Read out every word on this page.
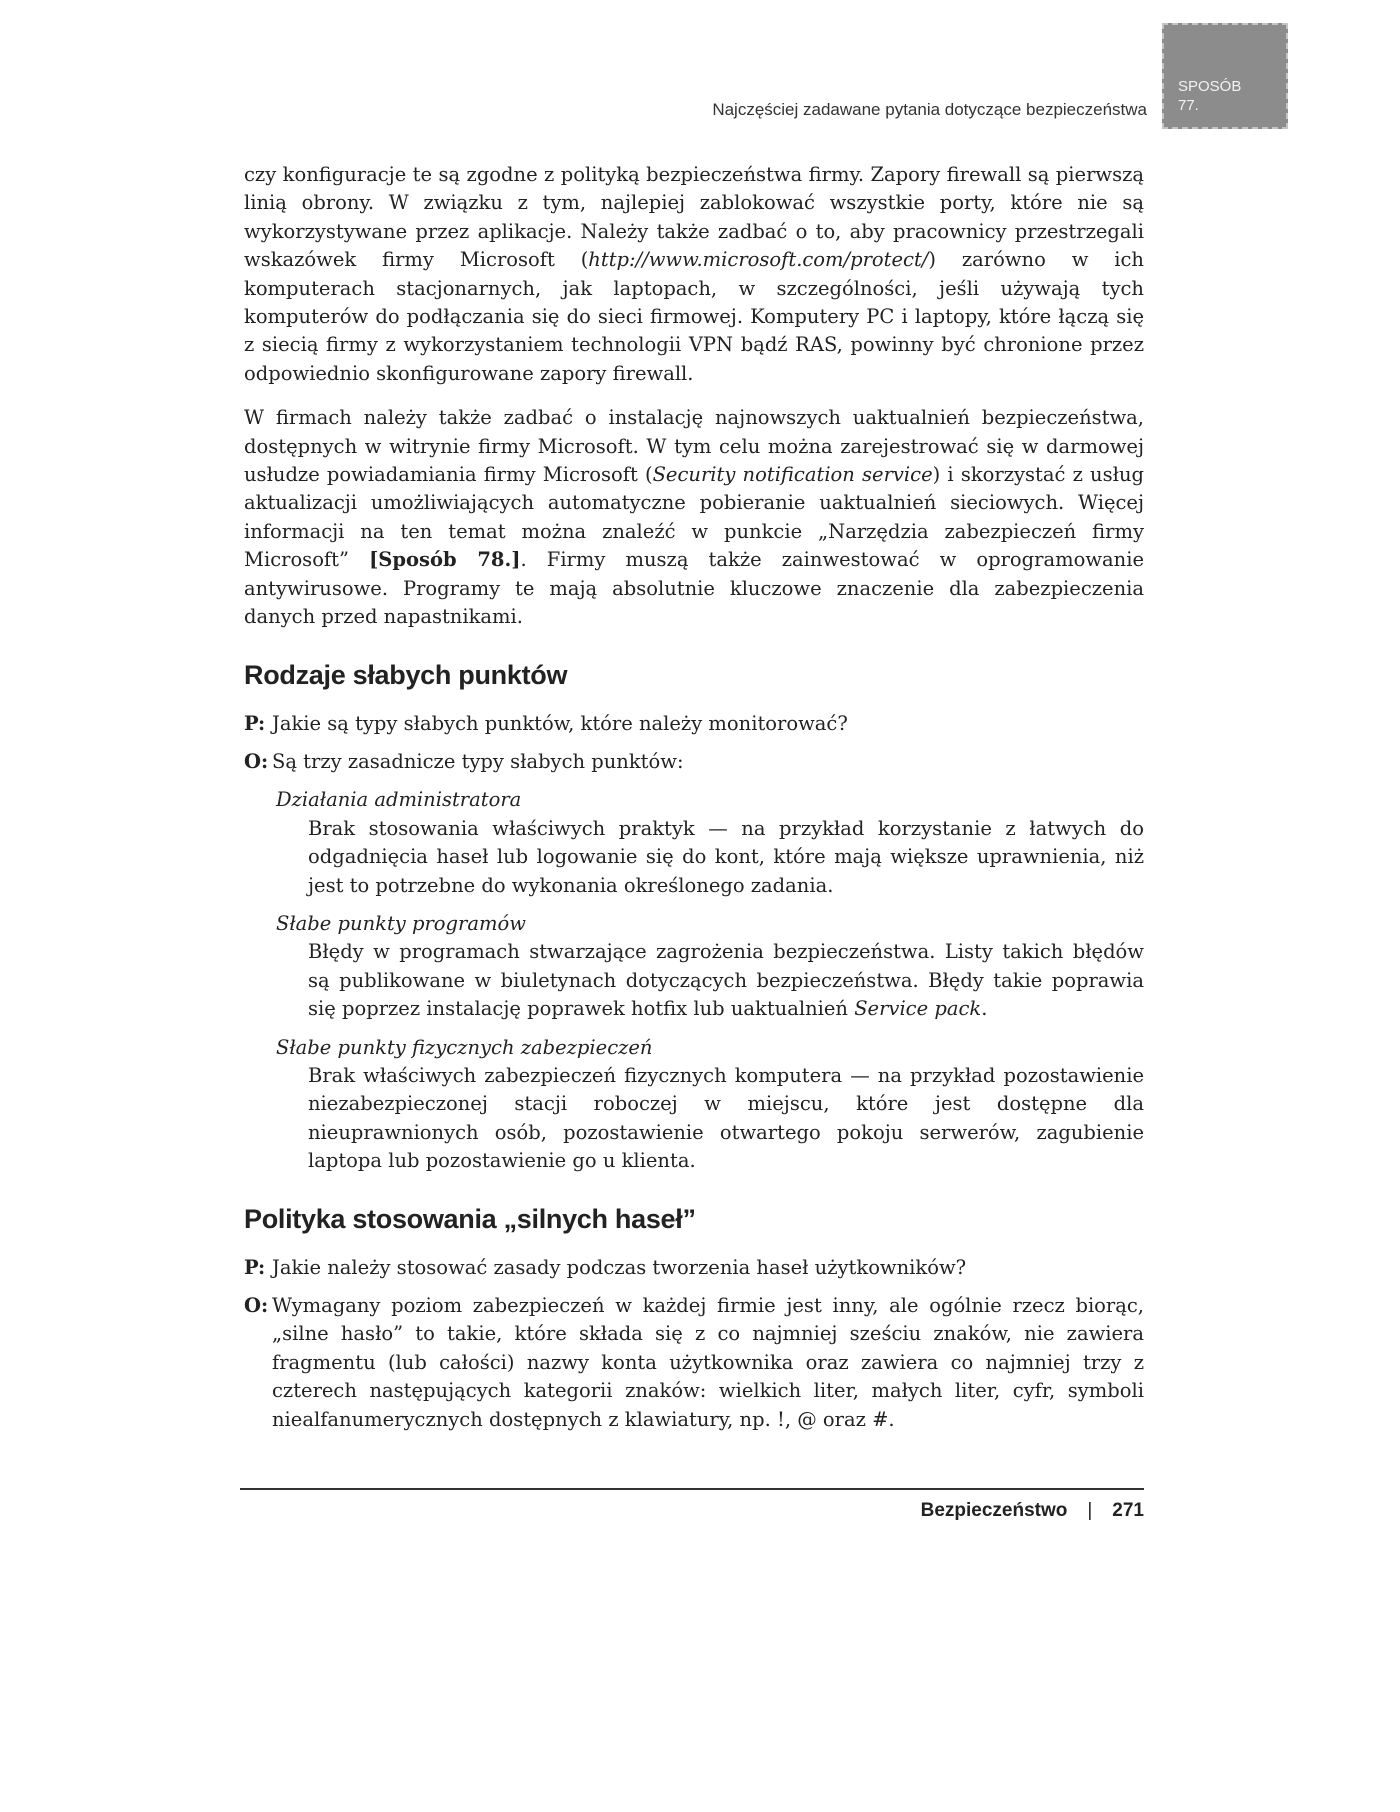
Najczęściej zadawane pytania dotyczące bezpieczeństwa
SPOSÓB
77.

czy konfiguracje te są zgodne z polityką bezpieczeństwa firmy. Zapory firewall są pierwszą linią obrony. W związku z tym, najlepiej zablokować wszystkie porty, które nie są wykorzystywane przez aplikacje. Należy także zadbać o to, aby pracownicy przestrzegali wskazówek firmy Microsoft (http://www.microsoft.com/protect/) zarówno w ich komputerach stacjonarnych, jak laptopach, w szczególności, jeśli używają tych komputerów do podłączania się do sieci firmowej. Komputery PC i laptopy, które łączą się z siecią firmy z wykorzystaniem technologii VPN bądź RAS, powinny być chronione przez odpowiednio skonfigurowane zapory firewall.

W firmach należy także zadbać o instalację najnowszych uaktualnień bezpieczeństwa, dostępnych w witrynie firmy Microsoft. W tym celu można zarejestrować się w darmowej usłudze powiadamiania firmy Microsoft (Security notification service) i skorzystać z usług aktualizacji umożliwiających automatyczne pobieranie uaktualnień sieciowych. Więcej informacji na ten temat można znaleźć w punkcie „Narzędzia zabezpieczeń firmy Microsoft” [Sposób 78.]. Firmy muszą także zainwestować w oprogramowanie antywirusowe. Programy te mają absolutnie kluczowe znaczenie dla zabezpieczenia danych przed napastnikami.

Rodzaje słabych punktów
P: Jakie są typy słabych punktów, które należy monitorować?
O: Są trzy zasadnicze typy słabych punktów:
Działania administratora
Brak stosowania właściwych praktyk — na przykład korzystanie z łatwych do odgadnięcia haseł lub logowanie się do kont, które mają większe uprawnienia, niż jest to potrzebne do wykonania określonego zadania.
Słabe punkty programów
Błędy w programach stwarzające zagrożenia bezpieczeństwa. Listy takich błędów są publikowane w biuletynach dotyczących bezpieczeństwa. Błędy takie poprawia się poprzez instalację poprawek hotfix lub uaktualnień Service pack.
Słabe punkty fizycznych zabezpieczeń
Brak właściwych zabezpieczeń fizycznych komputera — na przykład pozostawienie niezabezpieczonej stacji roboczej w miejscu, które jest dostępne dla nieuprawnionych osób, pozostawienie otwartego pokoju serwerów, zagubienie laptopa lub pozostawienie go u klienta.
Polityka stosowania „silnych haseł”
P: Jakie należy stosować zasady podczas tworzenia haseł użytkowników?
O: Wymagany poziom zabezpieczeń w każdej firmie jest inny, ale ogólnie rzecz biorąc, „silne hasło” to takie, które składa się z co najmniej sześciu znaków, nie zawiera fragmentu (lub całości) nazwy konta użytkownika oraz zawiera co najmniej trzy z czterech następujących kategorii znaków: wielkich liter, małych liter, cyfr, symboli niealfanumerycznych dostępnych z klawiatury, np. !, @ oraz #.
Bezpieczeństwo | 271
